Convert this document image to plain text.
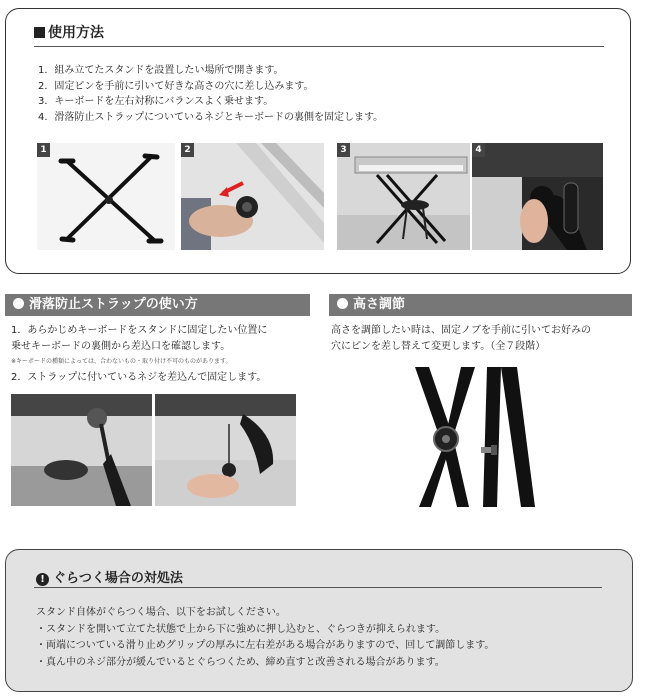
使用方法
1．組み立てたスタンドを設置したい場所で開きます。
2．固定ピンを手前に引いて好きな高さの穴に差し込みます。
3．キーボードを左右対称にバランスよく乗せます。
4．滑落防止ストラップについているネジとキーボードの裏側を固定します。
1	2	3	4
滑落防止ストラップの使い方
1．あらかじめキーボードをスタンドに固定したい位置に
乗せキーボードの裏側から差込口を確認します。
※キーボードの種類によっては、合わないもの・取り付け不可のものがあります。
2．ストラップに付いているネジを差込んで固定します。
高さ調節
高さを調節したい時は、固定ノブを手前に引いてお好みの
穴にピンを差し替えて変更します。（全７段階）
! ぐらつく場合の対処法
スタンド自体がぐらつく場合、以下をお試しください。
・スタンドを開いて立てた状態で上から下に強めに押し込むと、ぐらつきが抑えられます。
・両端についている滑り止めグリップの厚みに左右差がある場合がありますので、回して調節します。
・真ん中のネジ部分が緩んでいるとぐらつくため、締め直すと改善される場合があります。
